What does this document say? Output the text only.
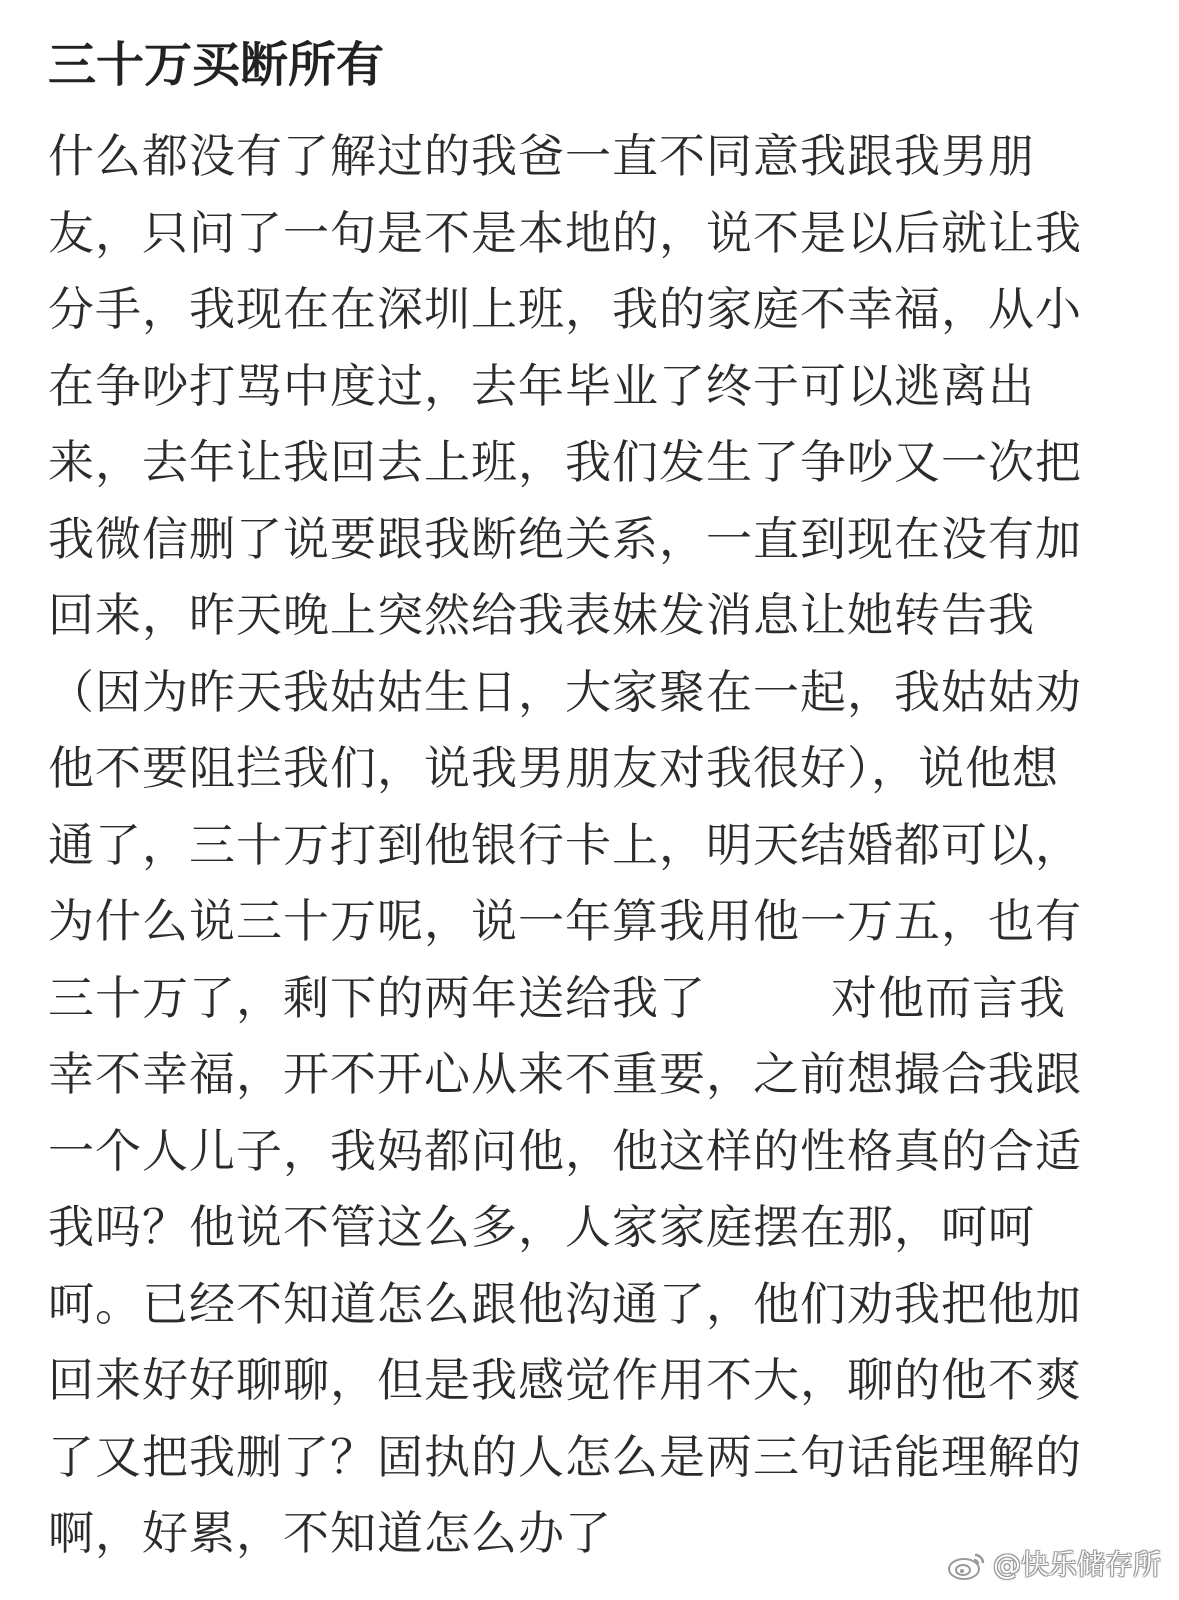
三十万买断所有
什么都没有了解过的我爸一直不同意我跟我男朋
友，只问了一句是不是本地的，说不是以后就让我
分手，我现在在深圳上班，我的家庭不幸福，从小
在争吵打骂中度过，去年毕业了终于可以逃离出
来，去年让我回去上班，我们发生了争吵又一次把
我微信删了说要跟我断绝关系，一直到现在没有加
回来，昨天晚上突然给我表妹发消息让她转告我
（因为昨天我姑姑生日，大家聚在一起，我姑姑劝
他不要阻拦我们，说我男朋友对我很好），说他想
通了，三十万打到他银行卡上，明天结婚都可以，
为什么说三十万呢，说一年算我用他一万五，也有
三十万了，剩下的两年送给我了        对他而言我
幸不幸福，开不开心从来不重要，之前想撮合我跟
一个人儿子，我妈都问他，他这样的性格真的合适
我吗？他说不管这么多，人家家庭摆在那，呵呵
呵。已经不知道怎么跟他沟通了，他们劝我把他加
回来好好聊聊，但是我感觉作用不大，聊的他不爽
了又把我删了？固执的人怎么是两三句话能理解的
啊，好累，不知道怎么办了
@快乐储存所
